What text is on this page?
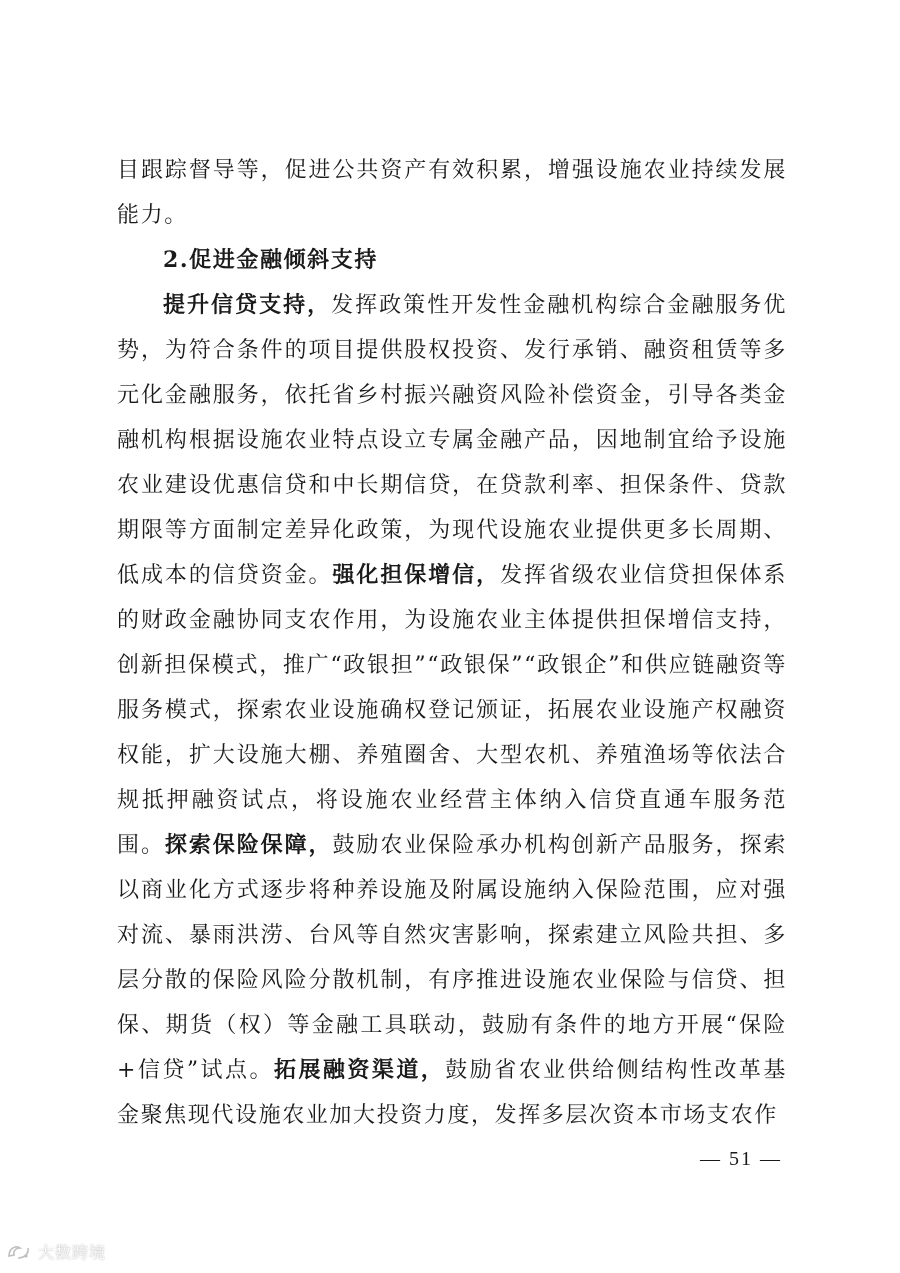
目跟踪督导等，促进公共资产有效积累，增强设施农业持续发展能力。

2.促进金融倾斜支持

提升信贷支持，发挥政策性开发性金融机构综合金融服务优势，为符合条件的项目提供股权投资、发行承销、融资租赁等多元化金融服务，依托省乡村振兴融资风险补偿资金，引导各类金融机构根据设施农业特点设立专属金融产品，因地制宜给予设施农业建设优惠信贷和中长期信贷，在贷款利率、担保条件、贷款期限等方面制定差异化政策，为现代设施农业提供更多长周期、低成本的信贷资金。强化担保增信，发挥省级农业信贷担保体系的财政金融协同支农作用，为设施农业主体提供担保增信支持，创新担保模式，推广“政银担”“政银保”“政银企”和供应链融资等服务模式，探索农业设施确权登记颁证，拓展农业设施产权融资权能，扩大设施大棚、养殖圈舍、大型农机、养殖渔场等依法合规抵押融资试点，将设施农业经营主体纳入信贷直通车服务范围。探索保险保障，鼓励农业保险承办机构创新产品服务，探索以商业化方式逐步将种养设施及附属设施纳入保险范围，应对强对流、暴雨洪涝、台风等自然灾害影响，探索建立风险共担、多层分散的保险风险分散机制，有序推进设施农业保险与信贷、担保、期货（权）等金融工具联动，鼓励有条件的地方开展“保险+信贷”试点。拓展融资渠道，鼓励省农业供给侧结构性改革基金聚焦现代设施农业加大投资力度，发挥多层次资本市场支农作

— 51 —
大数跨境
